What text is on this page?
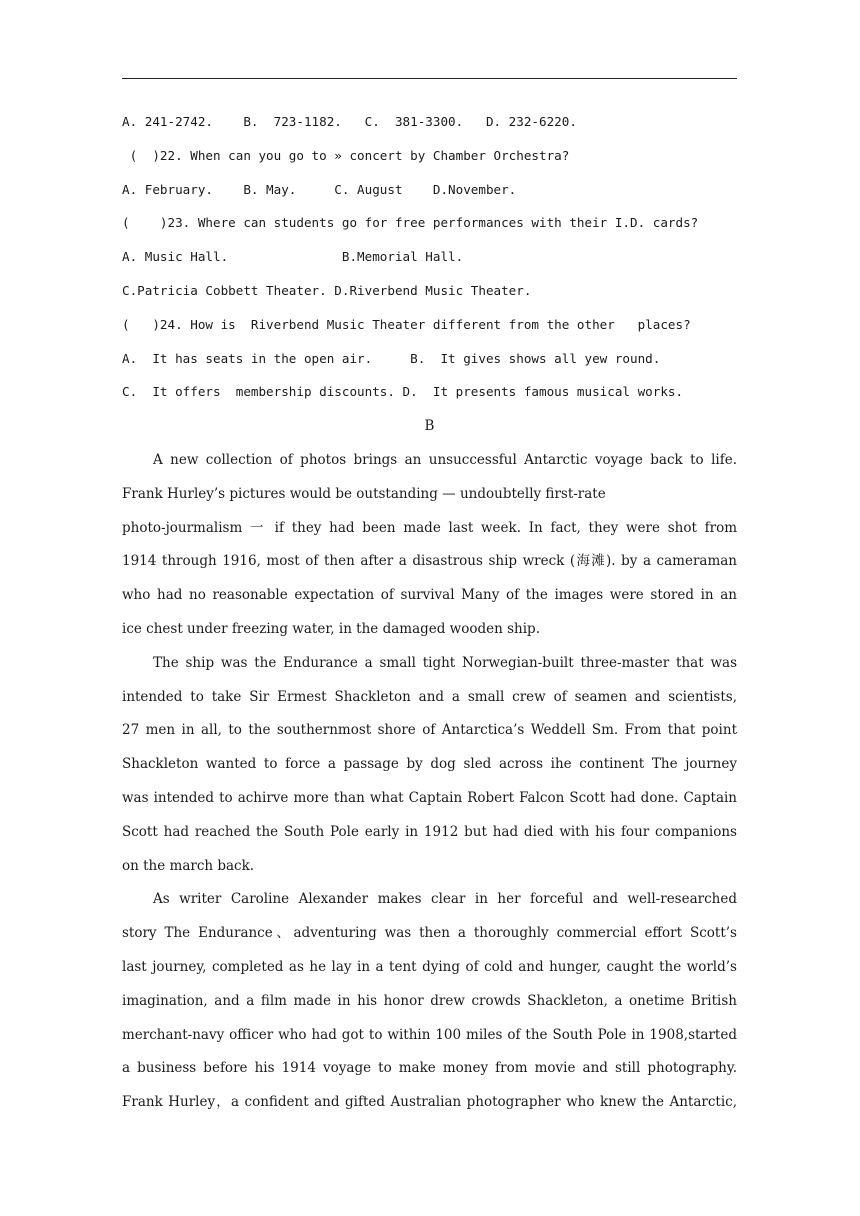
A. 241-2742.    B.  723-1182.   C.  381-3300.   D. 232-6220.
(  )22. When can you go to » concert by Chamber Orchestra?
A. February.    B. May.     C. August    D.November.
(    )23. Where can students go for free performances with their I.D. cards?
A. Music Hall.               B.Memorial Hall.
C.Patricia Cobbett Theater. D.Riverbend Music Theater.
(   )24. How is  Riverbend Music Theater different from the other   places?
A.  It has seats in the open air.     B.  It gives shows all yew round.
C.  It offers  membership discounts. D.  It presents famous musical works.
B
A new collection of photos brings an unsuccessful Antarctic voyage back to life.
Frank Hurley’s pictures would be outstanding — undoubtelly first-rate
photo-jourmalism 一 if they had been made last week. In fact, they were shot from
1914 through 1916, most of then after a disastrous ship wreck (海滩). by a cameraman
who had no reasonable expectation of survival Many of the images were stored in an
ice chest under freezing water, in the damaged wooden ship.
The ship was the Endurance a small tight Norwegian-built three-master that was
intended to take Sir Ermest Shackleton and a small crew of seamen and scientists,
27 men in all, to the southernmost shore of Antarctica’s Weddell Sm. From that point
Shackleton wanted to force a passage by dog sled across ihe continent The journey
was intended to achirve more than what Captain Robert Falcon Scott had done. Captain
Scott had reached the South Pole early in 1912 but had died with his four companions
on the march back.
As writer Caroline Alexander makes clear in her forceful and well-researched
story The Endurance、adventuring was then a thoroughly commercial effort Scott’s
last journey, completed as he lay in a tent dying of cold and hunger, caught the world’s
imagination, and a film made in his honor drew crowds Shackleton, a onetime British
merchant-navy officer who had got to within 100 miles of the South Pole in 1908,started
a business before his 1914 voyage to make money from movie and still photography.
Frank Hurley，a confident and gifted Australian photographer who knew the Antarctic,
